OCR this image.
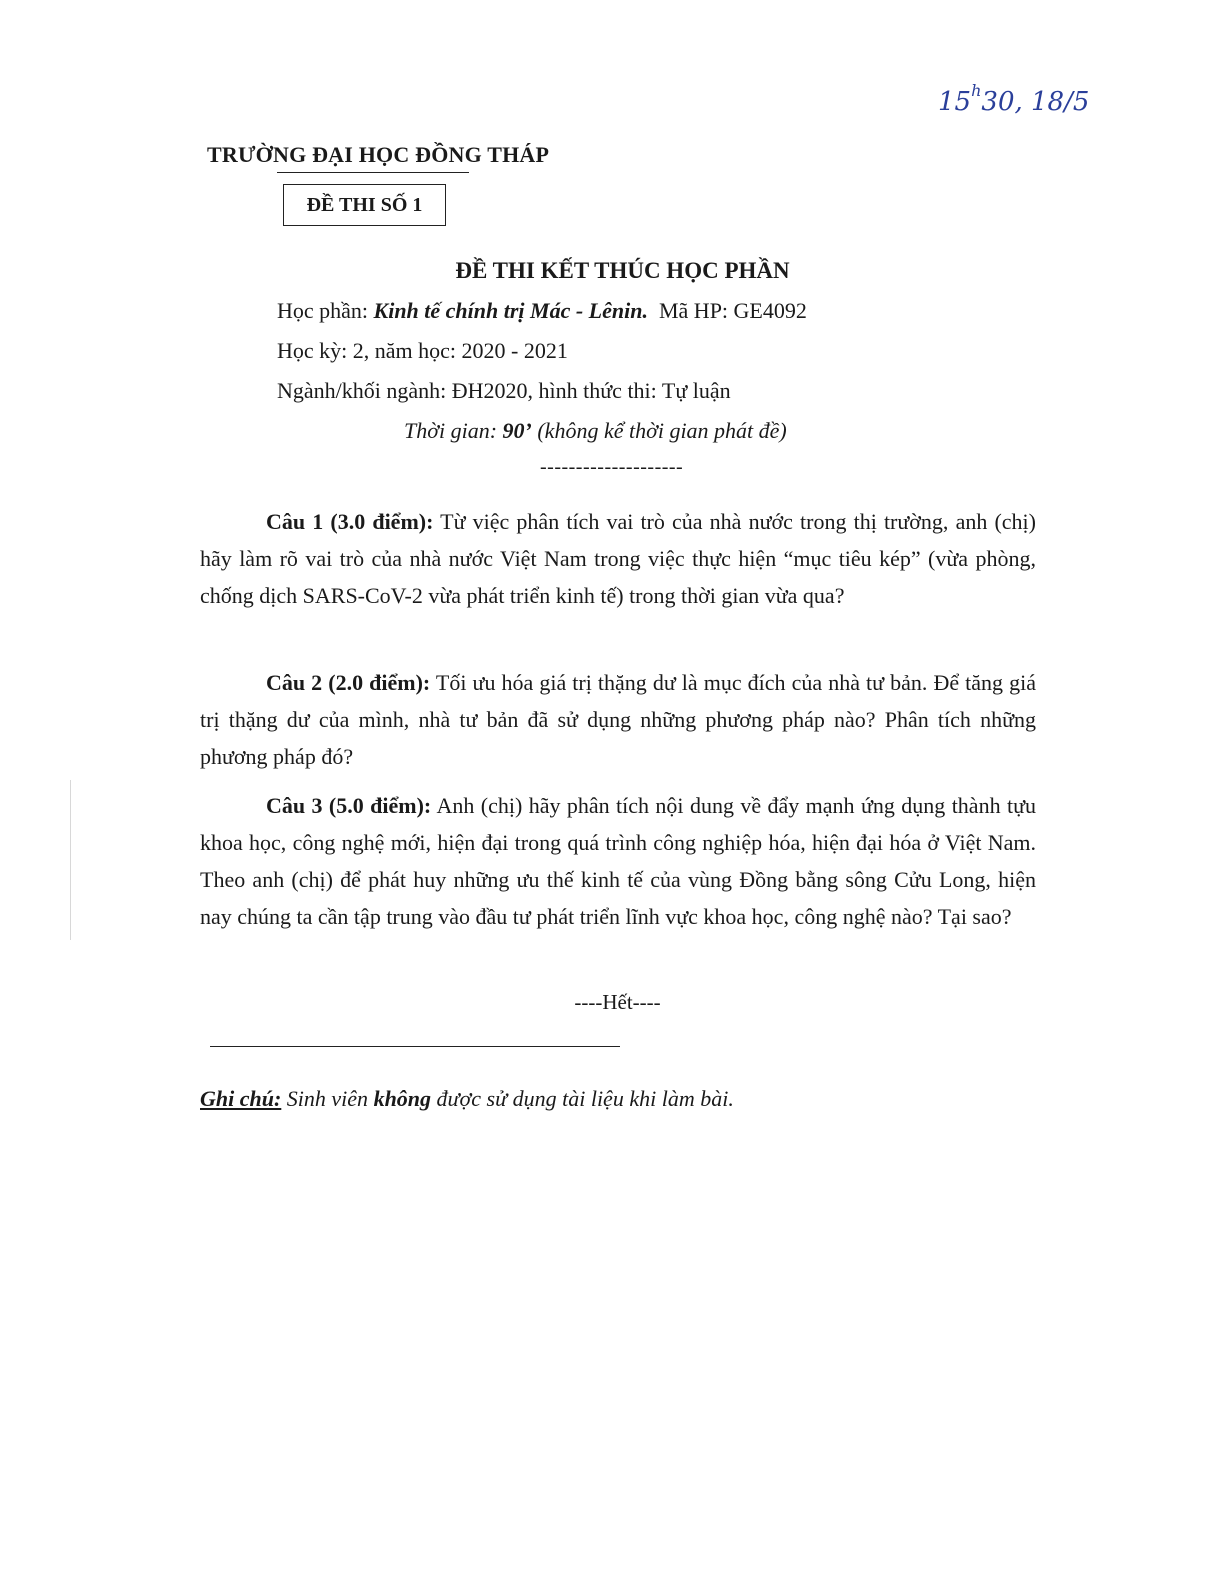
15$^h$30, 18/5
TRƯỜNG ĐẠI HỌC ĐỒNG THÁP
ĐỀ THI SỐ 1
ĐỀ THI KẾT THÚC HỌC PHẦN
Học phần: Kinh tế chính trị Mác - Lênin. Mã HP: GE4092
Học kỳ: 2, năm học: 2020 - 2021
Ngành/khối ngành: ĐH2020, hình thức thi: Tự luận
Thời gian: 90’ (không kể thời gian phát đề)
--------------------
Câu 1 (3.0 điểm): Từ việc phân tích vai trò của nhà nước trong thị trường, anh (chị) hãy làm rõ vai trò của nhà nước Việt Nam trong việc thực hiện “mục tiêu kép” (vừa phòng, chống dịch SARS-CoV-2 vừa phát triển kinh tế) trong thời gian vừa qua?
Câu 2 (2.0 điểm): Tối ưu hóa giá trị thặng dư là mục đích của nhà tư bản. Để tăng giá trị thặng dư của mình, nhà tư bản đã sử dụng những phương pháp nào? Phân tích những phương pháp đó?
Câu 3 (5.0 điểm): Anh (chị) hãy phân tích nội dung về đẩy mạnh ứng dụng thành tựu khoa học, công nghệ mới, hiện đại trong quá trình công nghiệp hóa, hiện đại hóa ở Việt Nam. Theo anh (chị) để phát huy những ưu thế kinh tế của vùng Đồng bằng sông Cửu Long, hiện nay chúng ta cần tập trung vào đầu tư phát triển lĩnh vực khoa học, công nghệ nào? Tại sao?
----Hết----
Ghi chú: Sinh viên không được sử dụng tài liệu khi làm bài.
